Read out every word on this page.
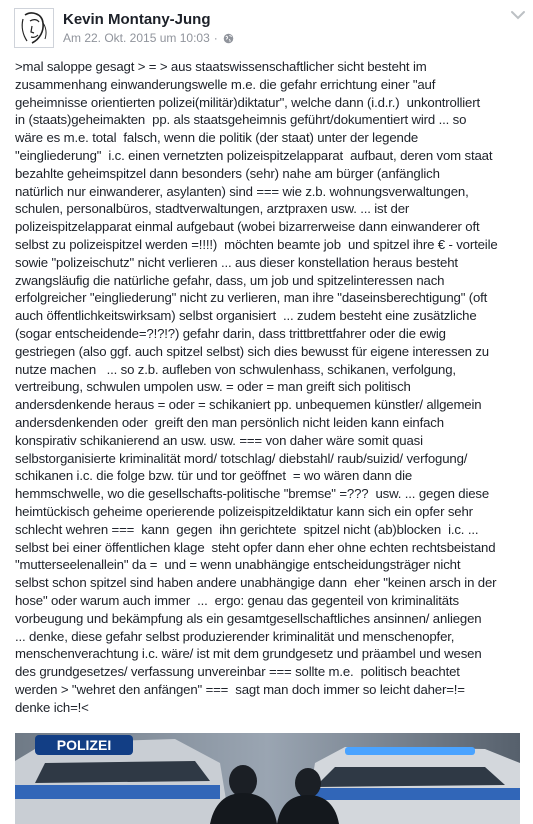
Kevin Montany-Jung
Am 22. Okt. 2015 um 10:03 ·
>mal saloppe gesagt > = > aus staatswissenschaftlicher sicht besteht im
zusammenhang einwanderungswelle m.e. die gefahr errichtung einer "auf
geheimnisse orientierten polizei(militär)diktatur", welche dann (i.d.r.)  unkontrolliert
in (staats)geheimakten  pp. als staatsgeheimnis geführt/dokumentiert wird ... so
wäre es m.e. total  falsch, wenn die politik (der staat) unter der legende
"eingliederung"  i.c. einen vernetzten polizeispitzelapparat  aufbaut, deren vom staat
bezahlte geheimspitzel dann besonders (sehr) nahe am bürger (anfänglich
natürlich nur einwanderer, asylanten) sind === wie z.b. wohnungsverwaltungen,
schulen, personalbüros, stadtverwaltungen, arztpraxen usw. ... ist der
polizeispitzelapparat einmal aufgebaut (wobei bizarrerweise dann einwanderer oft
selbst zu polizeispitzel werden =!!!!)  möchten beamte job  und spitzel ihre € - vorteile
sowie "polizeischutz" nicht verlieren ... aus dieser konstellation heraus besteht
zwangsläufig die natürliche gefahr, dass, um job und spitzelinteressen nach
erfolgreicher "eingliederung" nicht zu verlieren, man ihre "daseinsberechtigung" (oft
auch öffentlichkeitswirksam) selbst organisiert  ... zudem besteht eine zusätzliche
(sogar entscheidende=?!?!?) gefahr darin, dass trittbrettfahrer oder die ewig
gestriegen (also ggf. auch spitzel selbst) sich dies bewusst für eigene interessen zu
nutze machen   ... so z.b. aufleben von schwulenhass, schikanen, verfolgung,
vertreibung, schwulen umpolen usw. = oder = man greift sich politisch
andersdenkende heraus = oder = schikaniert pp. unbequemen künstler/ allgemein
andersdenkenden oder  greift den man persönlich nicht leiden kann einfach
konspirativ schikanierend an usw. usw. === von daher wäre somit quasi
selbstorganisierte kriminalität mord/ totschlag/ diebstahl/ raub/suizid/ verfogung/
schikanen i.c. die folge bzw. tür und tor geöffnet  = wo wären dann die
hemmschwelle, wo die gesellschafts-politische "bremse" =???  usw. ... gegen diese
heimtückisch geheime operierende polizeispitzeldiktatur kann sich ein opfer sehr
schlecht wehren ===  kann  gegen  ihn gerichtete  spitzel nicht (ab)blocken  i.c. ...
selbst bei einer öffentlichen klage  steht opfer dann eher ohne echten rechtsbeistand
"mutterseelenallein" da =  und = wenn unabhängige entscheidungsträger nicht
selbst schon spitzel sind haben andere unabhängige dann  eher "keinen arsch in der
hose" oder warum auch immer  ...  ergo: genau das gegenteil von kriminalitäts
vorbeugung und bekämpfung als ein gesamtgesellschaftliches ansinnen/ anliegen
... denke, diese gefahr selbst produzierender kriminalität und menschenopfer,
menschenverachtung i.c. wäre/ ist mit dem grundgesetz und präambel und wesen
des grundgesetzes/ verfassung unvereinbar === sollte m.e.  politisch beachtet
werden > "wehret den anfängen" ===  sagt man doch immer so leicht daher=!=
denke ich=!<
POLIZEI
